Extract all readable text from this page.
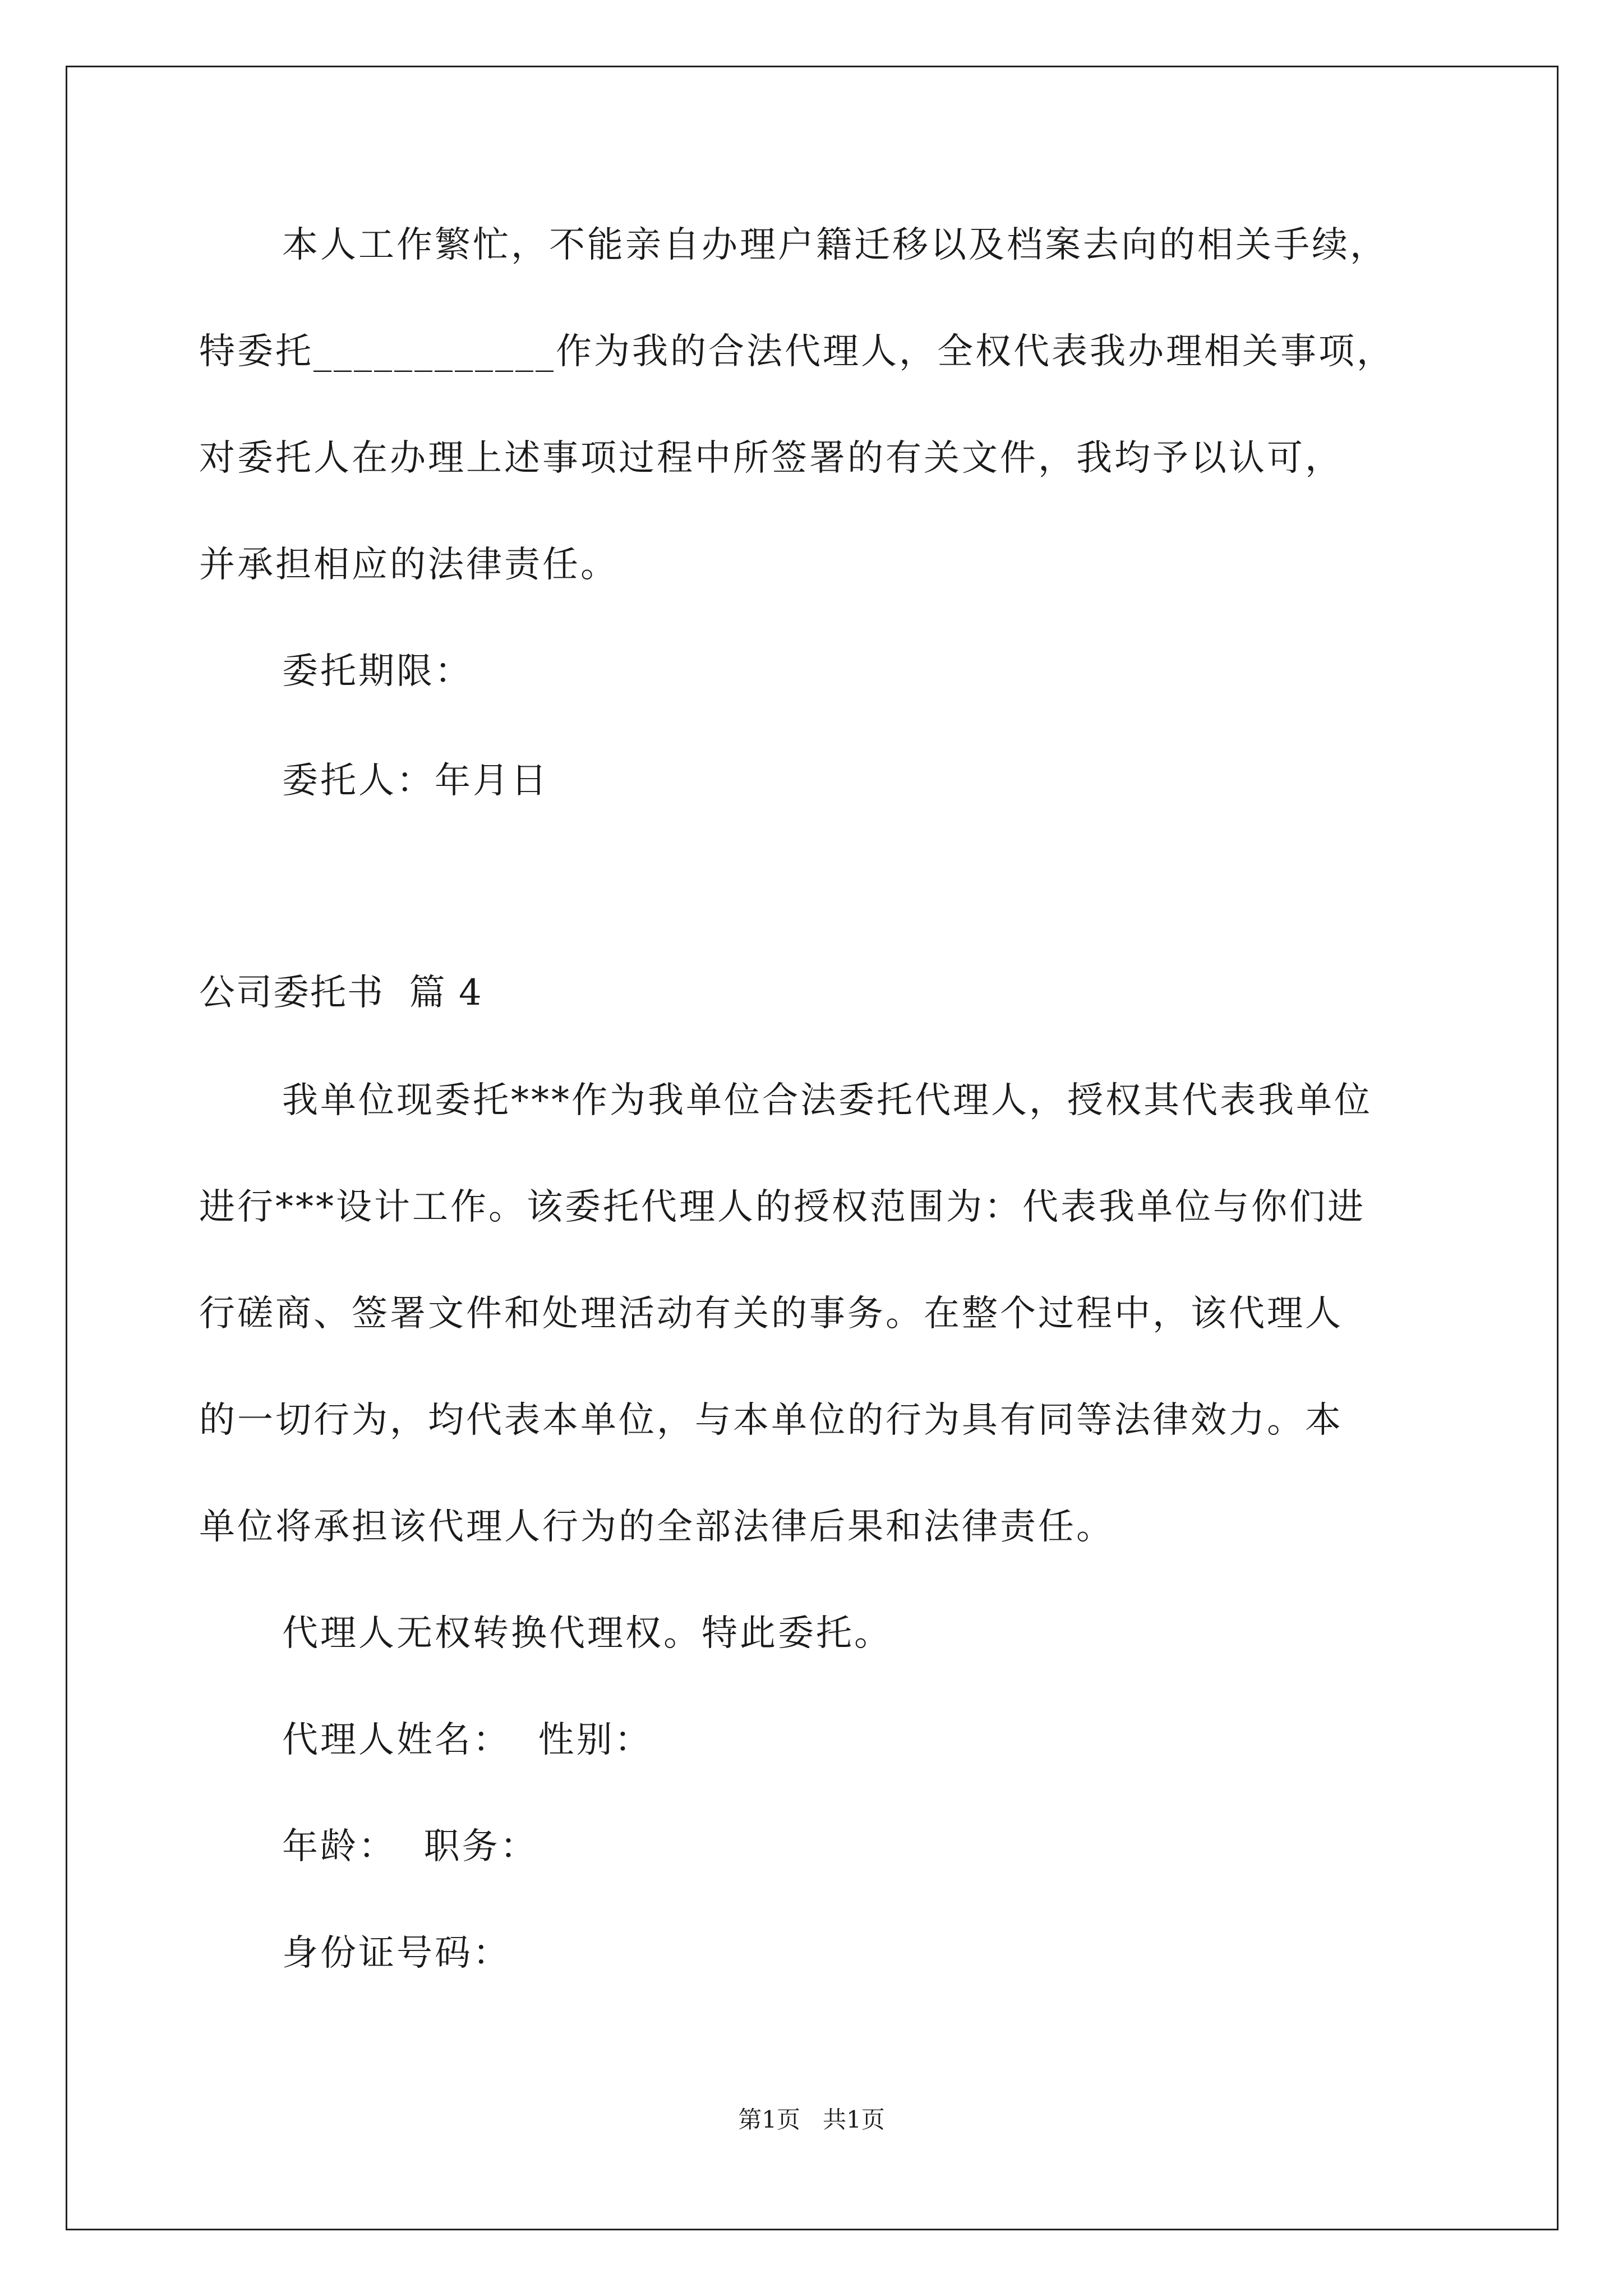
本人工作繁忙，不能亲自办理户籍迁移以及档案去向的相关手续，
特委托____________作为我的合法代理人，全权代表我办理相关事项，
对委托人在办理上述事项过程中所签署的有关文件，我均予以认可，
并承担相应的法律责任。
委托期限：
委托人：年月日
公司委托书  篇 4
我单位现委托***作为我单位合法委托代理人，授权其代表我单位
进行***设计工作。该委托代理人的授权范围为：代表我单位与你们进
行磋商、签署文件和处理活动有关的事务。在整个过程中，该代理人
的一切行为，均代表本单位，与本单位的行为具有同等法律效力。本
单位将承担该代理人行为的全部法律后果和法律责任。
代理人无权转换代理权。特此委托。
代理人姓名：  性别：
年龄：  职务：
身份证号码：
第1页   共1页
